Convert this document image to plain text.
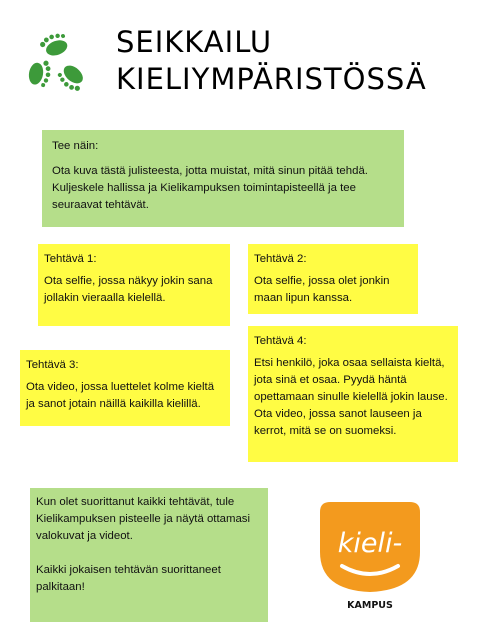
SEIKKAILU
KIELIYMPÄRISTÖSSÄ

Tee näin:

Ota kuva tästä julisteesta, jotta muistat, mitä sinun pitää tehdä. Kuljeskele hallissa ja Kielikampuksen toimintapisteellä ja tee seuraavat tehtävät.

Tehtävä 1:

Ota selfie, jossa näkyy jokin sana jollakin vieraalla kielellä.

Tehtävä 2:

Ota selfie, jossa olet jonkin maan lipun kanssa.

Tehtävä 4:

Etsi henkilö, joka osaa sellaista kieltä, jota sinä et osaa. Pyydä häntä opettamaan sinulle kielellä jokin lause. Ota video, jossa sanot lauseen ja kerrot, mitä se on suomeksi.

Tehtävä 3:

Ota video, jossa luettelet kolme kieltä ja sanot jotain näillä kaikilla kielillä.

Kun olet suorittanut kaikki tehtävät, tule Kielikampuksen pisteelle ja näytä ottamasi valokuvat ja videot.

Kaikki jokaisen tehtävän suorittaneet palkitaan!

kieli-
KAMPUS
